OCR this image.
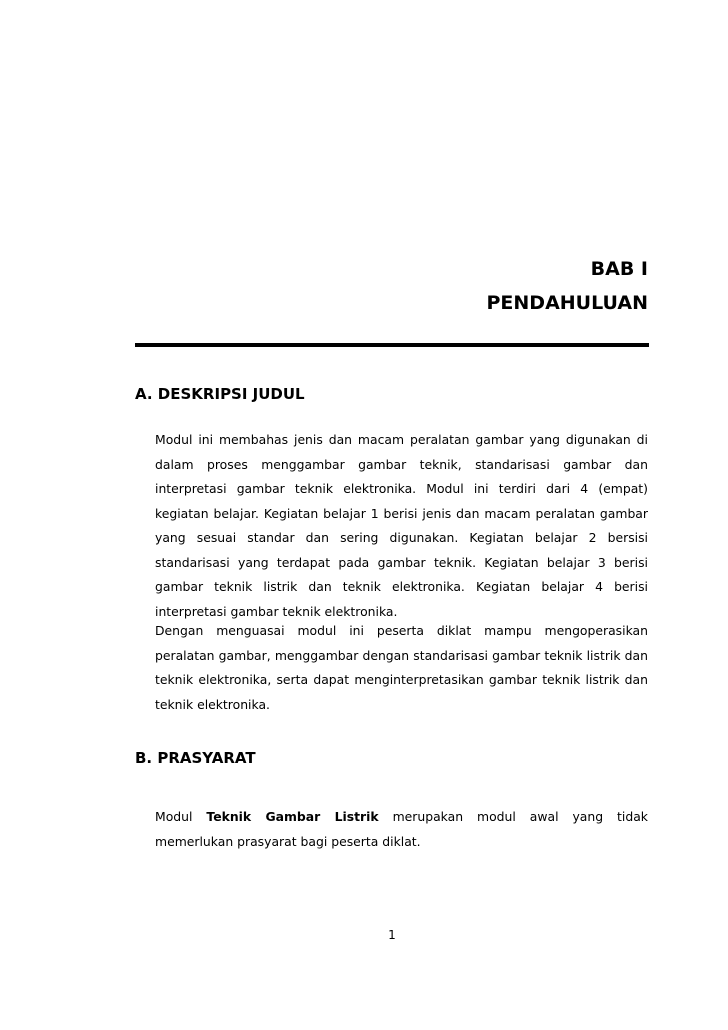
BAB I
PENDAHULUAN
A. DESKRIPSI JUDUL

Modul ini membahas jenis dan macam peralatan gambar yang digunakan di dalam proses menggambar gambar teknik, standarisasi gambar dan interpretasi gambar teknik elektronika. Modul ini terdiri dari 4 (empat) kegiatan belajar. Kegiatan belajar 1 berisi jenis dan macam peralatan gambar yang sesuai standar dan sering digunakan. Kegiatan belajar 2 bersisi standarisasi yang terdapat pada gambar teknik. Kegiatan belajar 3 berisi gambar teknik listrik dan teknik elektronika. Kegiatan belajar 4 berisi interpretasi gambar teknik elektronika.

Dengan menguasai modul ini peserta diklat mampu mengoperasikan peralatan gambar, menggambar dengan standarisasi gambar teknik listrik dan teknik elektronika, serta dapat menginterpretasikan gambar teknik listrik dan teknik elektronika.

B. PRASYARAT

Modul Teknik Gambar Listrik merupakan modul awal yang tidak memerlukan prasyarat bagi peserta diklat.

1
